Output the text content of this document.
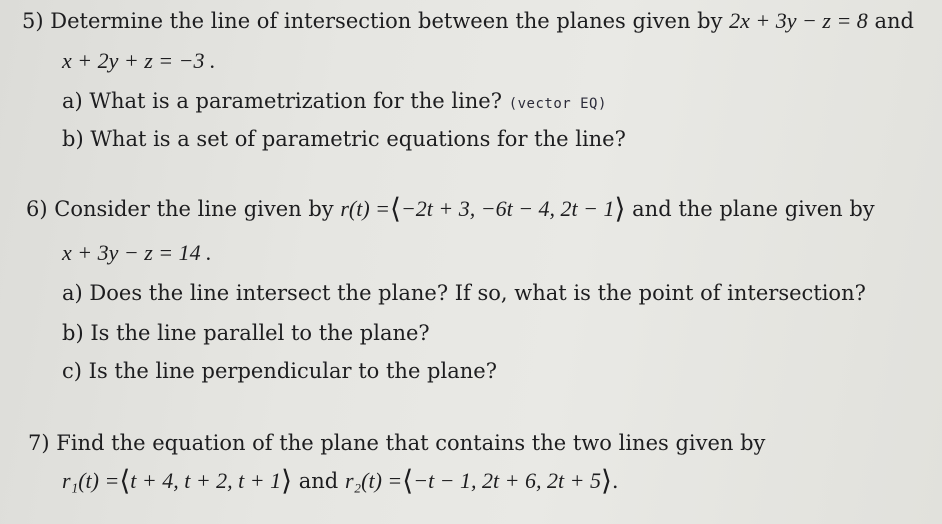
5) Determine the line of intersection between the planes given by 2x + 3y − z = 8 and
x + 2y + z = −3 .
a) What is a parametrization for the line? (vector EQ)
b) What is a set of parametric equations for the line?
6) Consider the line given by r(t) =⟨−2t + 3, −6t − 4, 2t − 1⟩ and the plane given by
x + 3y − z = 14 .
a) Does the line intersect the plane? If so, what is the point of intersection?
b) Is the line parallel to the plane?
c) Is the line perpendicular to the plane?
7) Find the equation of the plane that contains the two lines given by
r₁(t) =⟨t + 4, t + 2, t + 1⟩ and r₂(t) =⟨−t − 1, 2t + 6, 2t + 5⟩.
